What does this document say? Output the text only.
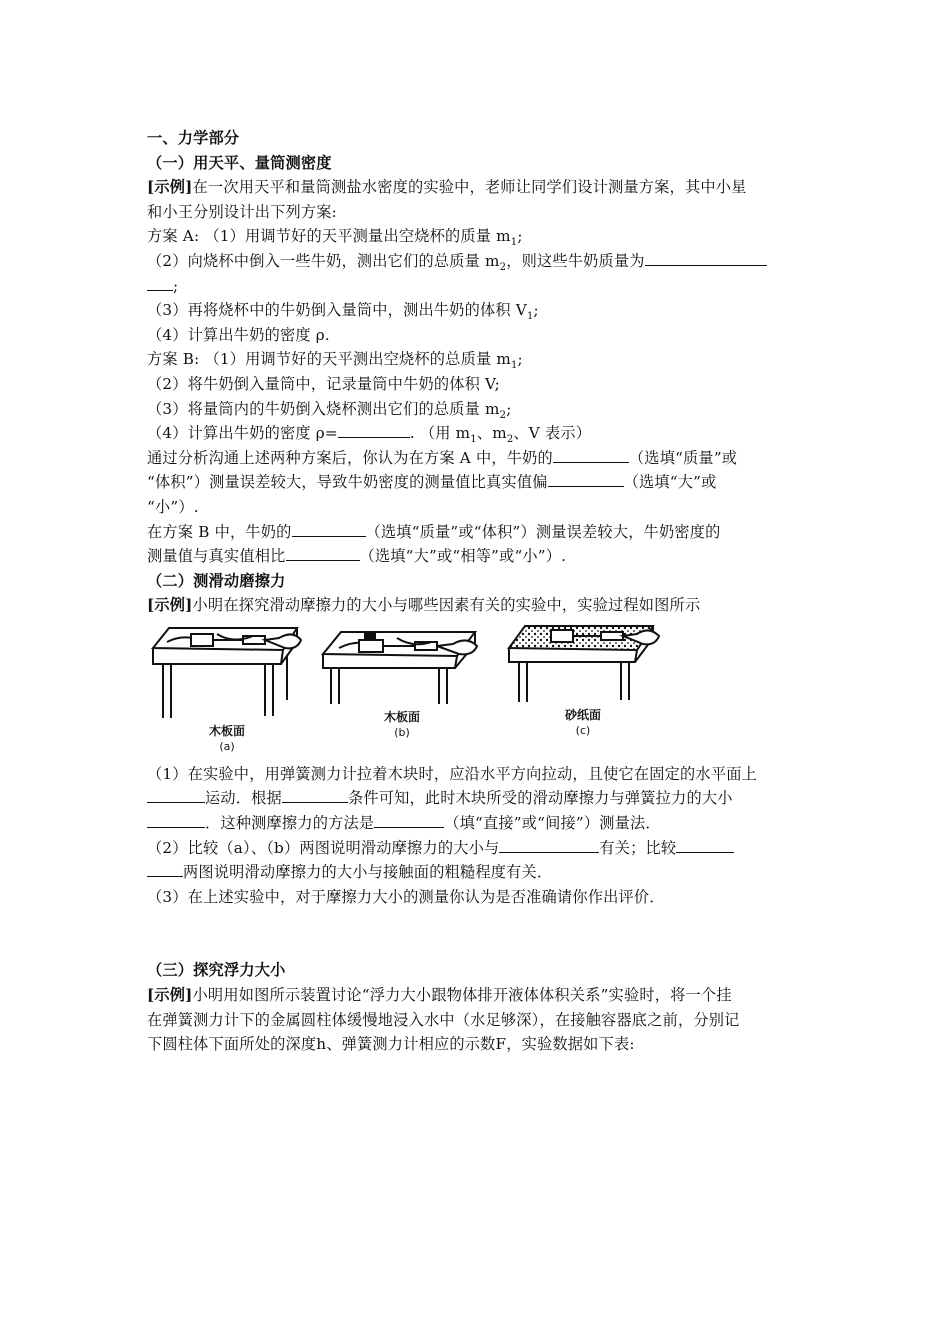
一、力学部分
（一）用天平、量筒测密度
[示例]在一次用天平和量筒测盐水密度的实验中，老师让同学们设计测量方案，其中小星
和小王分别设计出下列方案:
方案 A: （1）用调节好的天平测量出空烧杯的质量 $m_1$;
（2）向烧杯中倒入一些牛奶，测出它们的总质量 $m_2$，则这些牛奶质量为
;
（3）再将烧杯中的牛奶倒入量筒中，测出牛奶的体积 $V_1$;
（4）计算出牛奶的密度 ρ.
方案 B: （1）用调节好的天平测出空烧杯的总质量 $m_1$;
（2）将牛奶倒入量筒中，记录量筒中牛奶的体积 V;
（3）将量筒内的牛奶倒入烧杯测出它们的总质量 $m_2$;
（4）计算出牛奶的密度 ρ=	. （用 $m_1$、$m_2$、V 表示）
通过分析沟通上述两种方案后，你认为在方案 A 中，牛奶的	（选填“质量”或
“体积”）测量误差较大，导致牛奶密度的测量值比真实值偏	（选填“大”或
“小”）.
在方案 B 中，牛奶的	（选填“质量”或“体积”）测量误差较大，牛奶密度的
测量值与真实值相比	（选填“大”或“相等”或“小”）.
（二）测滑动磨擦力
[示例]小明在探究滑动摩擦力的大小与哪些因素有关的实验中，实验过程如图所示
木板面
(a)
木板面
(b)
砂纸面
(c)
（1）在实验中，用弹簧测力计拉着木块时，应沿水平方向拉动，且使它在固定的水平面上
运动．根据	条件可知，此时木块所受的滑动摩擦力与弹簧拉力的大小
．这种测摩擦力的方法是	（填“直接”或“间接”）测量法．
（2）比较（a）、（b）两图说明滑动摩擦力的大小与	有关；比较
两图说明滑动摩擦力的大小与接触面的粗糙程度有关．
（3）在上述实验中，对于摩擦力大小的测量你认为是否准确请你作出评价．
（三）探究浮力大小
[示例]小明用如图所示装置讨论“浮力大小跟物体排开液体体积关系”实验时，将一个挂
在弹簧测力计下的金属圆柱体缓慢地浸入水中（水足够深），在接触容器底之前，分别记
下圆柱体下面所处的深度h、弹簧测力计相应的示数F，实验数据如下表:
